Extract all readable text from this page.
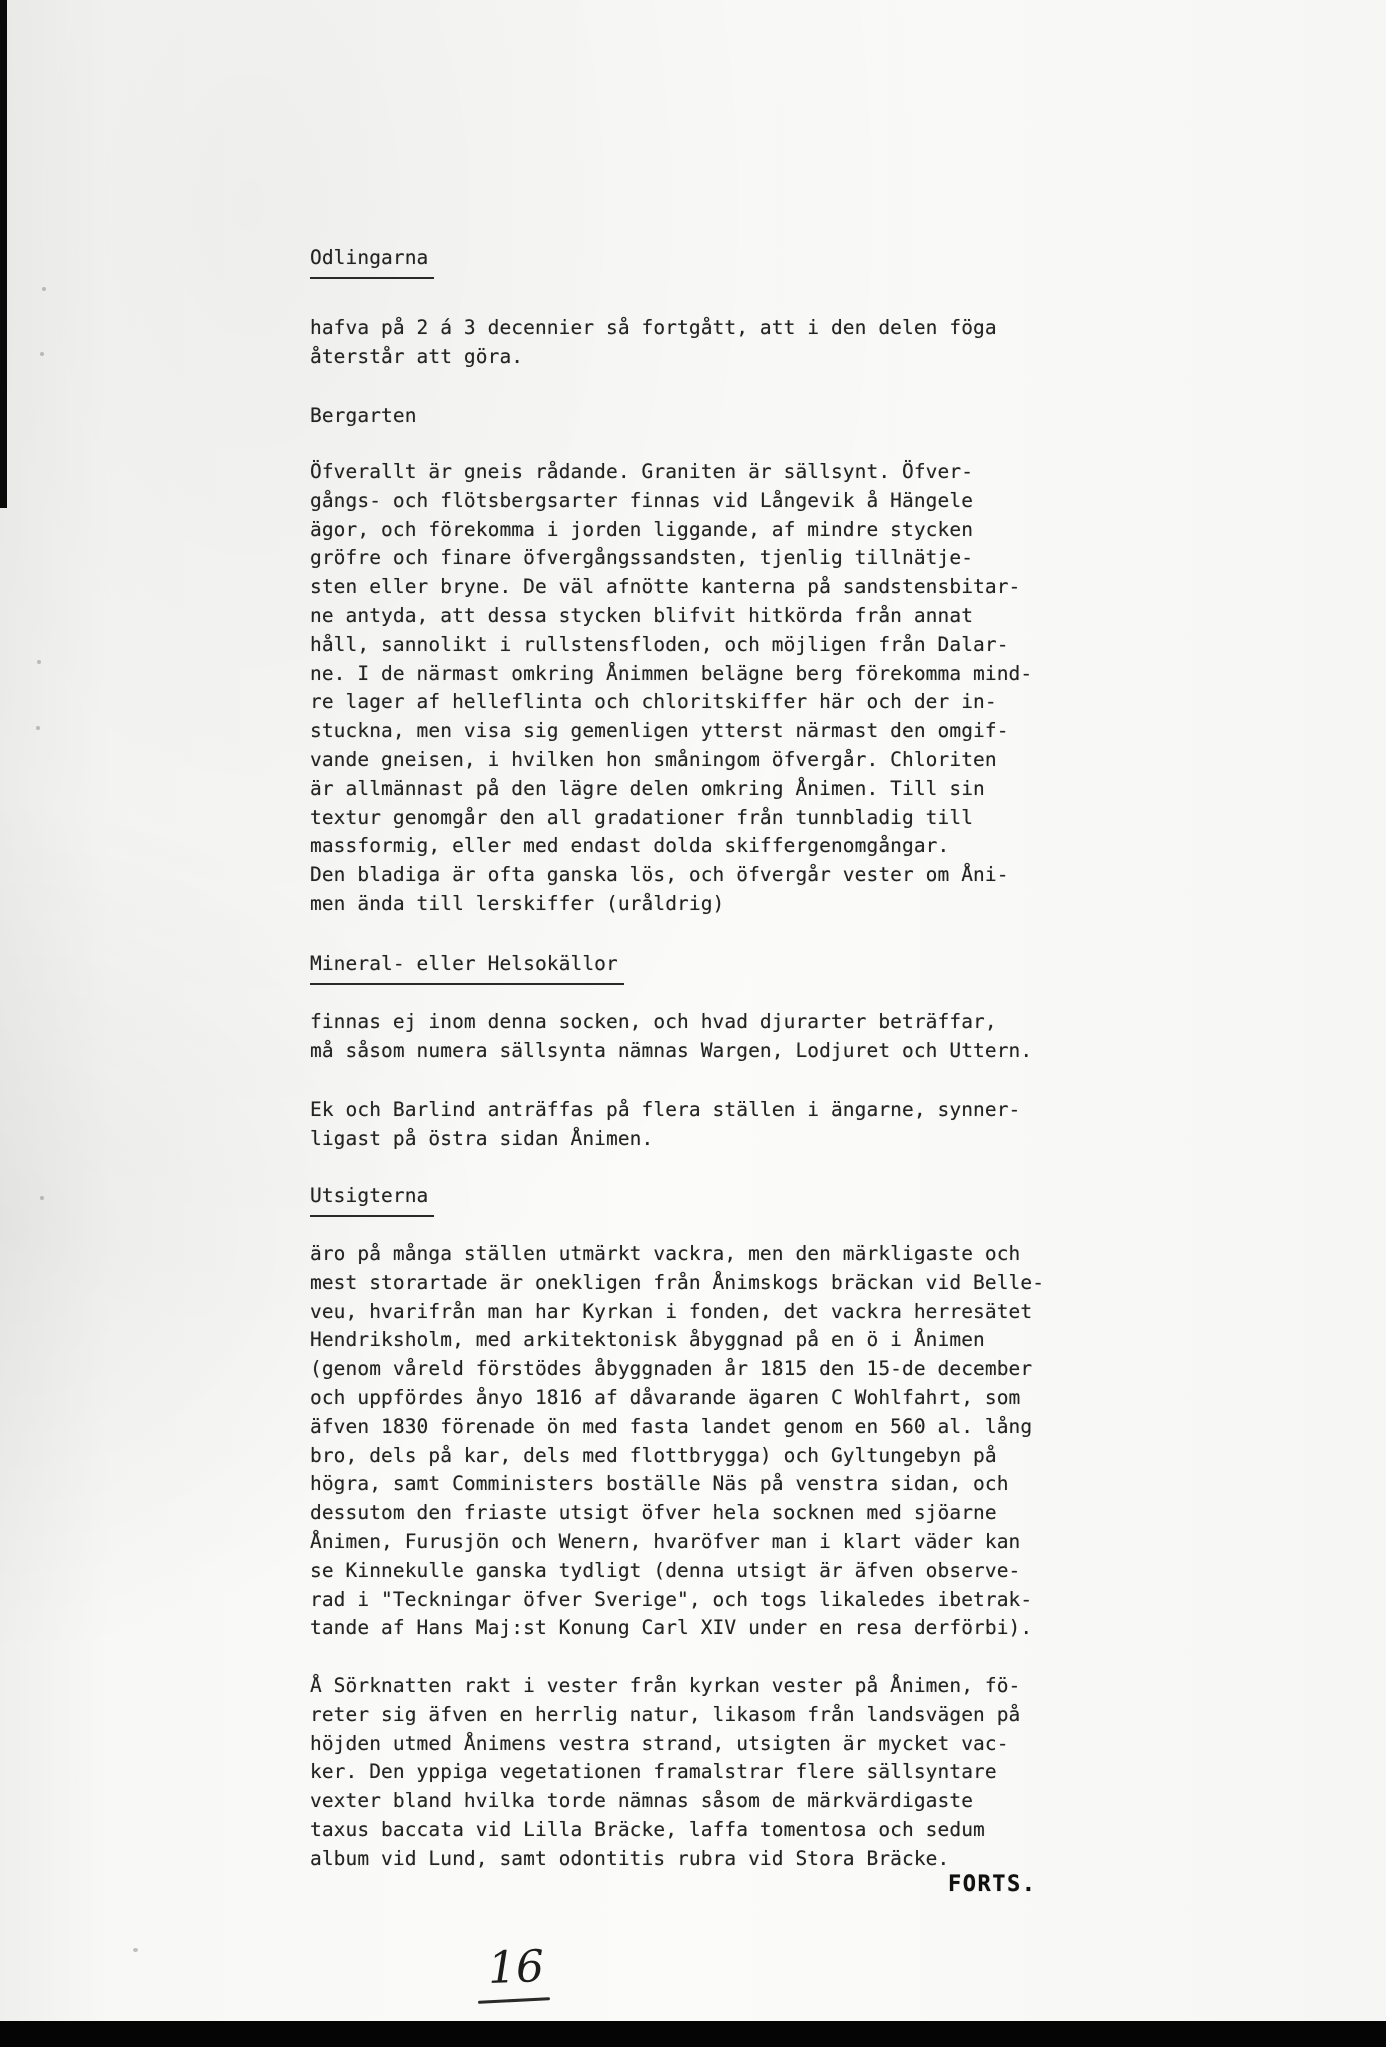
Odlingarna
hafva på 2 á 3 decennier så fortgått, att i den delen föga
återstår att göra.
Bergarten
Öfverallt är gneis rådande. Graniten är sällsynt. Öfver-
gångs- och flötsbergsarter finnas vid Långevik å Hängele
ägor, och förekomma i jorden liggande, af mindre stycken
gröfre och finare öfvergångssandsten, tjenlig tillnätje-
sten eller bryne. De väl afnötte kanterna på sandstensbitar-
ne antyda, att dessa stycken blifvit hitkörda från annat
håll, sannolikt i rullstensfloden, och möjligen från Dalar-
ne. I de närmast omkring Ånimmen belägne berg förekomma mind-
re lager af helleflinta och chloritskiffer här och der in-
stuckna, men visa sig gemenligen ytterst närmast den omgif-
vande gneisen, i hvilken hon småningom öfvergår. Chloriten
är allmännast på den lägre delen omkring Ånimen. Till sin
textur genomgår den all gradationer från tunnbladig till
massformig, eller med endast dolda skiffergenomgångar.
Den bladiga är ofta ganska lös, och öfvergår vester om Åni-
men ända till lerskiffer (uråldrig)
Mineral- eller Helsokällor
finnas ej inom denna socken, och hvad djurarter beträffar,
må såsom numera sällsynta nämnas Wargen, Lodjuret och Uttern.
Ek och Barlind anträffas på flera ställen i ängarne, synner-
ligast på östra sidan Ånimen.
Utsigterna
äro på många ställen utmärkt vackra, men den märkligaste och
mest storartade är onekligen från Ånimskogs bräckan vid Belle-
veu, hvarifrån man har Kyrkan i fonden, det vackra herresätet
Hendriksholm, med arkitektonisk åbyggnad på en ö i Ånimen
(genom våreld förstödes åbyggnaden år 1815 den 15-de december
och uppfördes ånyo 1816 af dåvarande ägaren C Wohlfahrt, som
äfven 1830 förenade ön med fasta landet genom en 560 al. lång
bro, dels på kar, dels med flottbrygga) och Gyltungebyn på
högra, samt Comministers boställe Näs på venstra sidan, och
dessutom den friaste utsigt öfver hela socknen med sjöarne
Ånimen, Furusjön och Wenern, hvaröfver man i klart väder kan
se Kinnekulle ganska tydligt (denna utsigt är äfven observe-
rad i "Teckningar öfver Sverige", och togs likaledes ibetrak-
tande af Hans Maj:st Konung Carl XIV under en resa derförbi).
Å Sörknatten rakt i vester från kyrkan vester på Ånimen, fö-
reter sig äfven en herrlig natur, likasom från landsvägen på
höjden utmed Ånimens vestra strand, utsigten är mycket vac-
ker. Den yppiga vegetationen framalstrar flere sällsyntare
vexter bland hvilka torde nämnas såsom de märkvärdigaste
taxus baccata vid Lilla Bräcke, laffa tomentosa och sedum
album vid Lund, samt odontitis rubra vid Stora Bräcke.
FORTS.
16
